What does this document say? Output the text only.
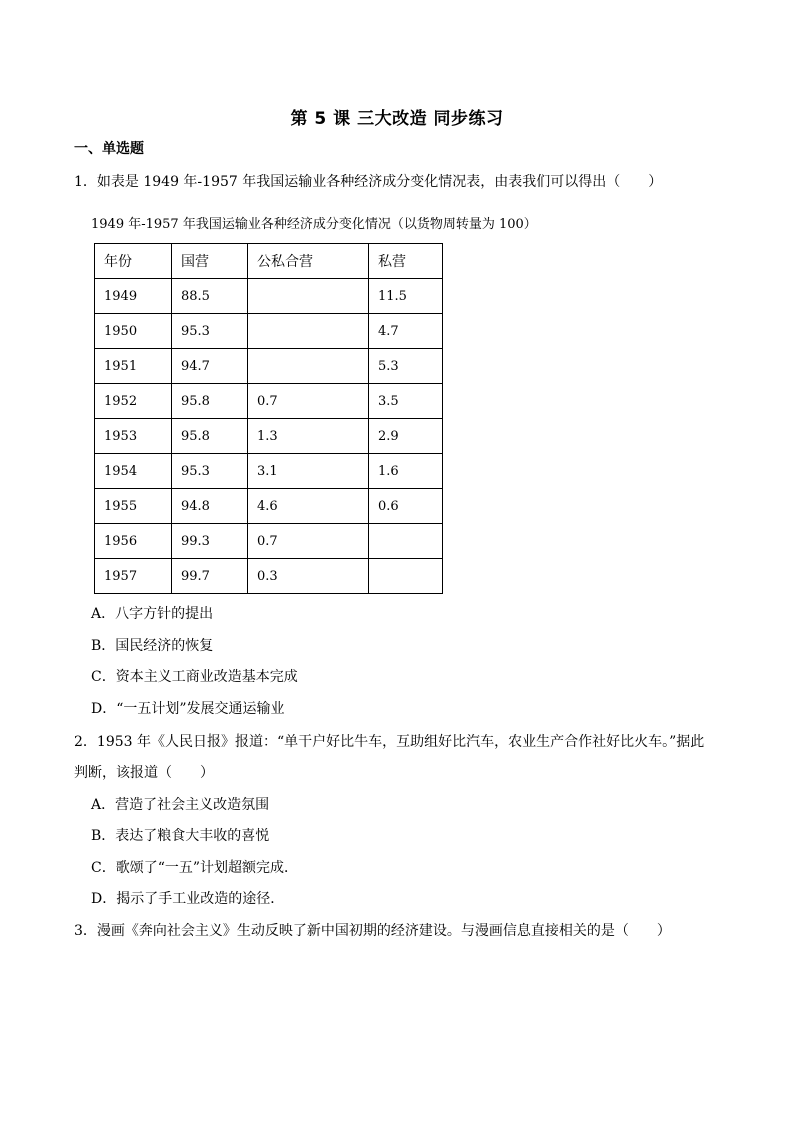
第 5 课 三大改造 同步练习
一、单选题
1．如表是 1949 年-1957 年我国运输业各种经济成分变化情况表，由表我们可以得出（　　）
1949 年-1957 年我国运输业各种经济成分变化情况（以货物周转量为 100）
年份	国营	公私合营	私营
1949	88.5		11.5
1950	95.3		4.7
1951	94.7		5.3
1952	95.8	0.7	3.5
1953	95.8	1.3	2.9
1954	95.3	3.1	1.6
1955	94.8	4.6	0.6
1956	99.3	0.7	
1957	99.7	0.3	
A．八字方针的提出
B．国民经济的恢复
C．资本主义工商业改造基本完成
D．“一五计划”发展交通运输业
2．1953 年《人民日报》报道：“单干户好比牛车，互助组好比汽车，农业生产合作社好比火车。”据此
判断，该报道（　　）
A．营造了社会主义改造氛围
B．表达了粮食大丰收的喜悦
C．歌颂了“一五”计划超额完成．
D．揭示了手工业改造的途径．
3．漫画《奔向社会主义》生动反映了新中国初期的经济建设。与漫画信息直接相关的是（　　）
